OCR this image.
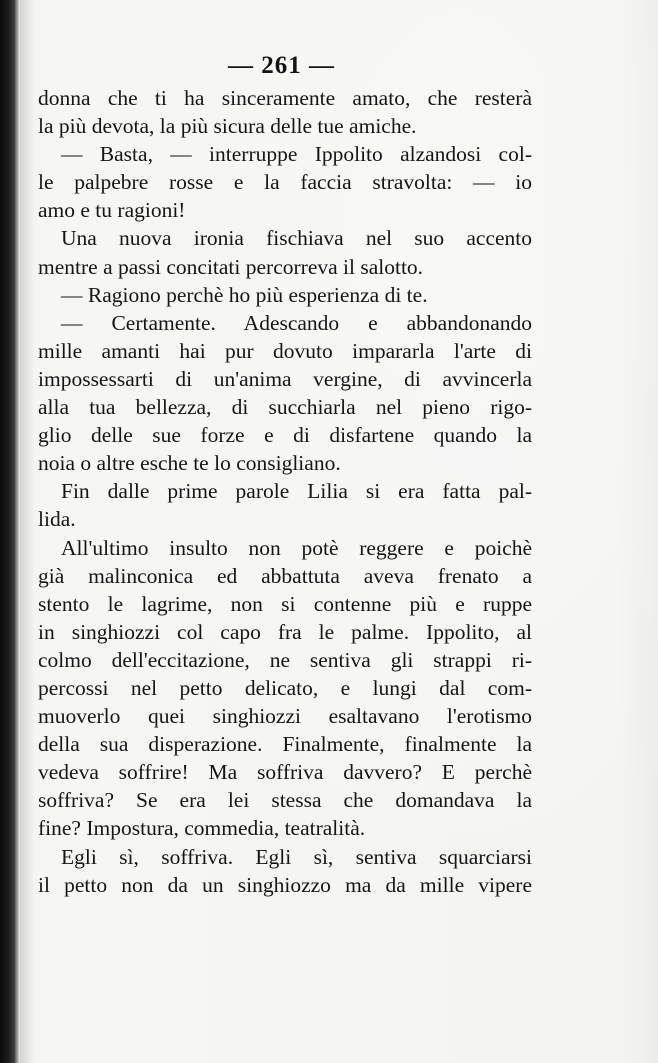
— 261 —
donna che ti ha sinceramente amato, che resterà
la più devota, la più sicura delle tue amiche.
— Basta, — interruppe Ippolito alzandosi col-
le palpebre rosse e la faccia stravolta: — io
amo e tu ragioni!
Una nuova ironia fischiava nel suo accento
mentre a passi concitati percorreva il salotto.
— Ragiono perchè ho più esperienza di te.
— Certamente. Adescando e abbandonando
mille amanti hai pur dovuto impararla l'arte di
impossessarti di un'anima vergine, di avvincerla
alla tua bellezza, di succhiarla nel pieno rigo-
glio delle sue forze e di disfartene quando la
noia o altre esche te lo consigliano.
Fin dalle prime parole Lilia si era fatta pal-
lida.
All'ultimo insulto non potè reggere e poichè
già malinconica ed abbattuta aveva frenato a
stento le lagrime, non si contenne più e ruppe
in singhiozzi col capo fra le palme. Ippolito, al
colmo dell'eccitazione, ne sentiva gli strappi ri-
percossi nel petto delicato, e lungi dal com-
muoverlo quei singhiozzi esaltavano l'erotismo
della sua disperazione. Finalmente, finalmente la
vedeva soffrire! Ma soffriva davvero? E perchè
soffriva? Se era lei stessa che domandava la
fine? Impostura, commedia, teatralità.
Egli sì, soffriva. Egli sì, sentiva squarciarsi
il petto non da un singhiozzo ma da mille vipere
